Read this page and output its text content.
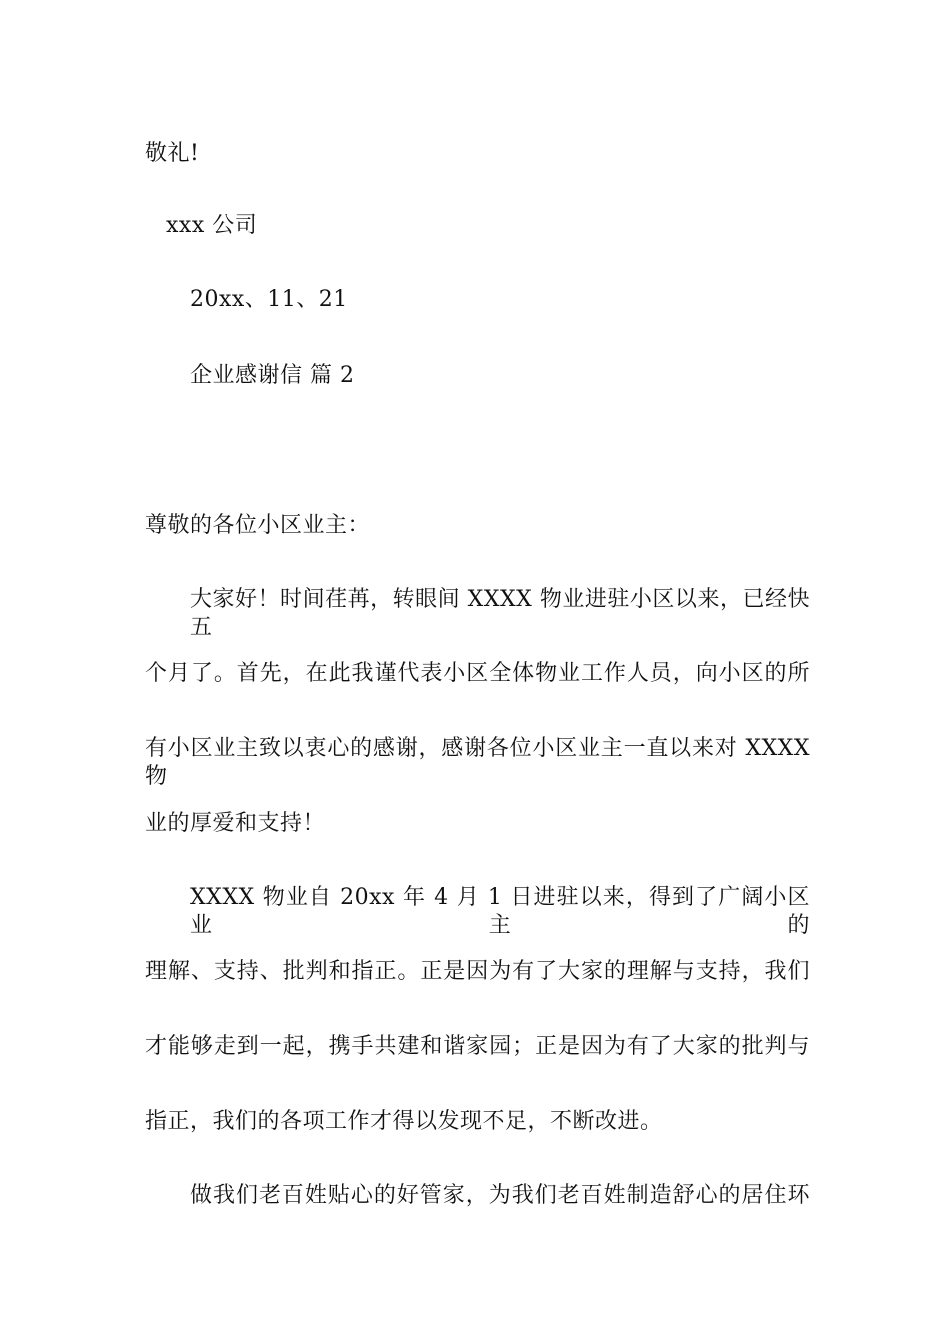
敬礼!
xxx 公司
20xx、11、21
企业感谢信 篇 2
尊敬的各位小区业主：
大家好！时间荏苒，转眼间 XXXX 物业进驻小区以来，已经快五
个月了。首先，在此我谨代表小区全体物业工作人员，向小区的所
有小区业主致以衷心的感谢，感谢各位小区业主一直以来对 XXXX 物
业的厚爱和支持！
XXXX 物业自 20xx 年 4 月 1 日进驻以来，得到了广阔小区业主的
理解、支持、批判和指正。正是因为有了大家的理解与支持，我们
才能够走到一起，携手共建和谐家园；正是因为有了大家的批判与
指正，我们的各项工作才得以发现不足，不断改进。
做我们老百姓贴心的好管家，为我们老百姓制造舒心的居住环
